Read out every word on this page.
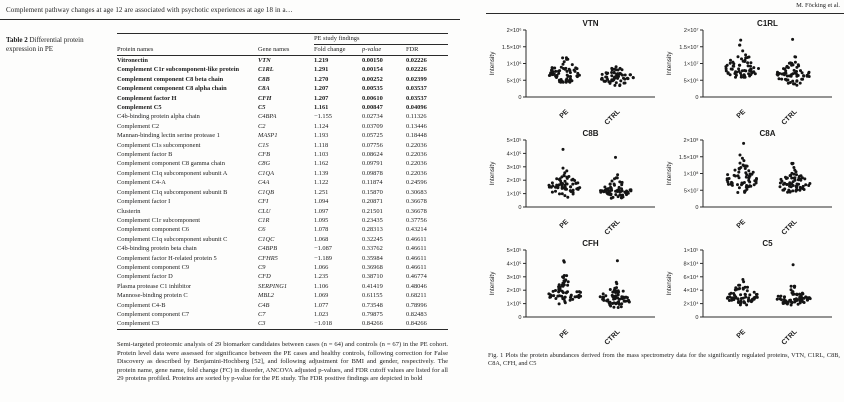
Complement pathway changes at age 12 are associated with psychotic experiences at age 18 in a…
Table 2 Differential protein expression in PE
		PE study findings		
Protein names	Gene names	Fold change	p-value	FDR
Vitronectin	VTN	1.219	0.00150	0.02226
Complement C1r subcomponent-like protein	C1RL	1.291	0.00154	0.02226
Complement component C8 beta chain	C8B	1.270	0.00252	0.02399
Complement component C8 alpha chain	C8A	1.207	0.00535	0.03537
Complement factor H	CFH	1.207	0.00610	0.03537
Complement C5	C5	1.161	0.00847	0.04096
C4b-binding protein alpha chain	C4BPA	−1.155	0.02734	0.11326
Complement C2	C2	1.124	0.03709	0.13446
Mannan-binding lectin serine protease 1	MASP1	1.193	0.05725	0.18448
Complement C1s subcomponent	C1S	1.118	0.07756	0.22036
Complement factor B	CFB	1.103	0.08624	0.22036
Complement component C8 gamma chain	C8G	1.162	0.09791	0.22036
Complement C1q subcomponent subunit A	C1QA	1.139	0.09878	0.22036
Complement C4-A	C4A	1.122	0.11874	0.24596
Complement C1q subcomponent subunit B	C1QB	1.251	0.15870	0.30683
Complement factor I	CFI	1.094	0.20871	0.36678
Clusterin	CLU	1.097	0.21501	0.36678
Complement C1r subcomponent	C1R	1.095	0.23435	0.37756
Complement component C6	C6	1.078	0.28313	0.43214
Complement C1q subcomponent subunit C	C1QC	1.068	0.32245	0.46611
C4b-binding protein beta chain	C4BPB	−1.087	0.33762	0.46611
Complement factor H-related protein 5	CFHR5	−1.189	0.35984	0.46611
Complement component C9	C9	1.066	0.36968	0.46611
Complement factor D	CFD	1.235	0.38710	0.46774
Plasma protease C1 inhibitor	SERPING1	1.106	0.41419	0.48046
Mannose-binding protein C	MBL2	1.069	0.61155	0.68211
Complement C4-B	C4B	1.077	0.73548	0.78996
Complement component C7	C7	1.023	0.79875	0.82483
Complement C3	C3	−1.018	0.84266	0.84266
Semi-targeted proteomic analysis of 29 biomarker candidates between cases (n = 64) and controls (n = 67) in the PE cohort. Protein level data were assessed for significance between the PE cases and healthy controls, following correction for False Discovery as described by Benjamini-Hochberg [52], and following adjustment for BMI and gender, respectively. The protein name, gene name, fold change (FC) in disorder, ANCOVA adjusted p-values, and FDR cutoff values are listed for all 29 proteins profiled. Proteins are sorted by p-value for the PE study. The FDR positive findings are depicted in bold
M. Föcking et al.
0
5×10⁵
1×10⁶
1.5×10⁶
2×10⁶
VTN
Intensity
PE	CTRL
0
5×10⁶
1×10⁷
1.5×10⁷
2×10⁷
C1RL
Intensity
PE	CTRL
0
1×10⁵
2×10⁵
3×10⁵
4×10⁵
5×10⁵
C8B
Intensity
PE	CTRL
0
5×10⁷
1×10⁸
1.5×10⁸
2×10⁸
C8A
Intensity
PE	CTRL
0
1×10⁵
2×10⁵
3×10⁵
4×10⁵
5×10⁵
CFH
Intensity
PE	CTRL
0
2×10⁴
4×10⁴
6×10⁴
8×10⁴
1×10⁵
C5
Intensity
PE	CTRL
Fig. 1 Plots the protein abundances derived from the mass spectrometry data for the significantly regulated proteins, VTN, C1RL, C8B, C8A, CFH, and C5
